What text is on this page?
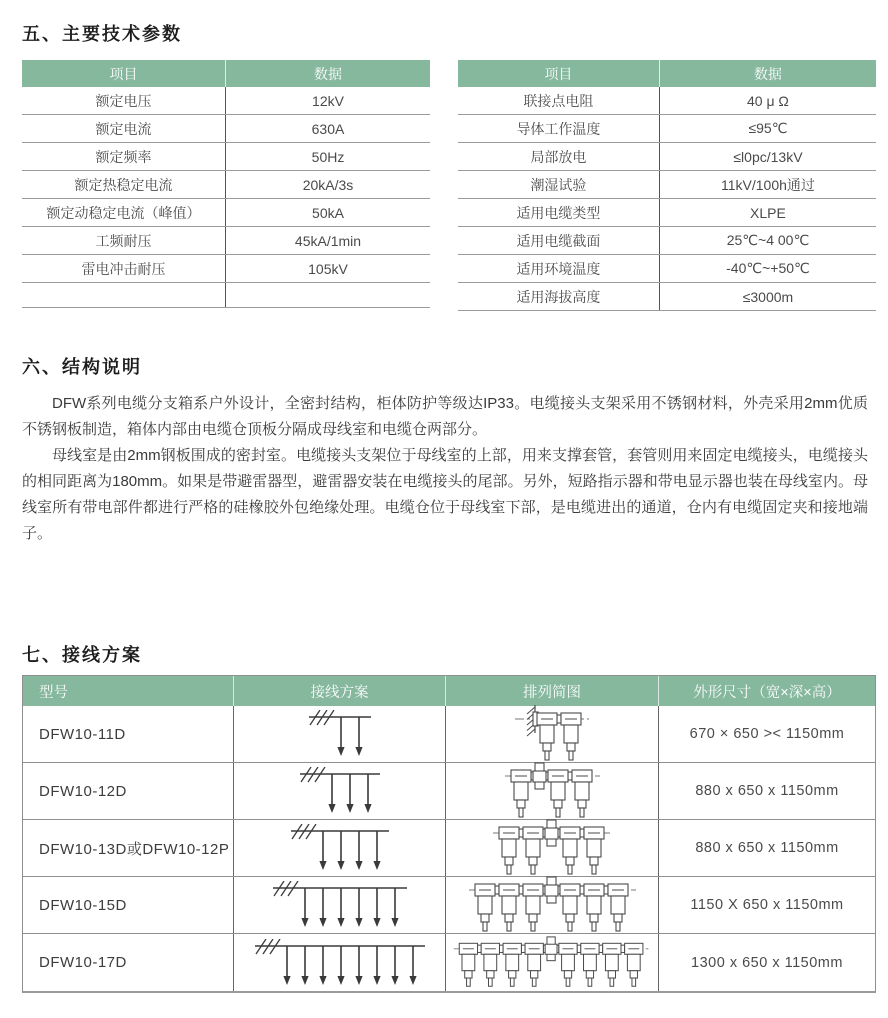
五、主要技术参数
项目	数据
额定电压	12kV
额定电流	630A
额定频率	50Hz
额定热稳定电流	20kA/3s
额定动稳定电流（峰值）	50kA
工频耐压	45kA/1min
雷电冲击耐压	105kV
项目	数据
联接点电阻	40 μ Ω
导体工作温度	≤95℃
局部放电	≤l0pc/13kV
潮湿试验	11kV/100h通过
适用电缆类型	XLPE
适用电缆截面	25℃~4 00℃
适用环境温度	-40℃~+50℃
适用海拔高度	≤3000m
六、结构说明

DFW系列电缆分支箱系户外设计，全密封结构，柜体防护等级达IP33。电缆接头支架采用不锈钢材料，外壳采用2mm优质不锈钢板制造，箱体内部由电缆仓顶板分隔成母线室和电缆仓两部分。

母线室是由2mm钢板围成的密封室。电缆接头支架位于母线室的上部，用来支撑套管，套管则用来固定电缆接头，电缆接头的相同距离为180mm。如果是带避雷器型，避雷器安装在电缆接头的尾部。另外，短路指示器和带电显示器也装在母线室内。母线室所有带电部件都进行严格的硅橡胶外包绝缘处理。电缆仓位于母线室下部，是电缆进出的通道，仓内有电缆固定夹和接地端子。

七、接线方案
型号	接线方案	排列简图	外形尺寸（宽×深×高）
DFW10-11D	670 × 650 >< 1150mm
DFW10-12D	880 x 650 x 1150mm
DFW10-13D或DFW10-12P	880 x 650 x 1150mm
DFW10-15D	1150 X 650 x 1150mm
DFW10-17D	1300 x 650 x 1150mm
